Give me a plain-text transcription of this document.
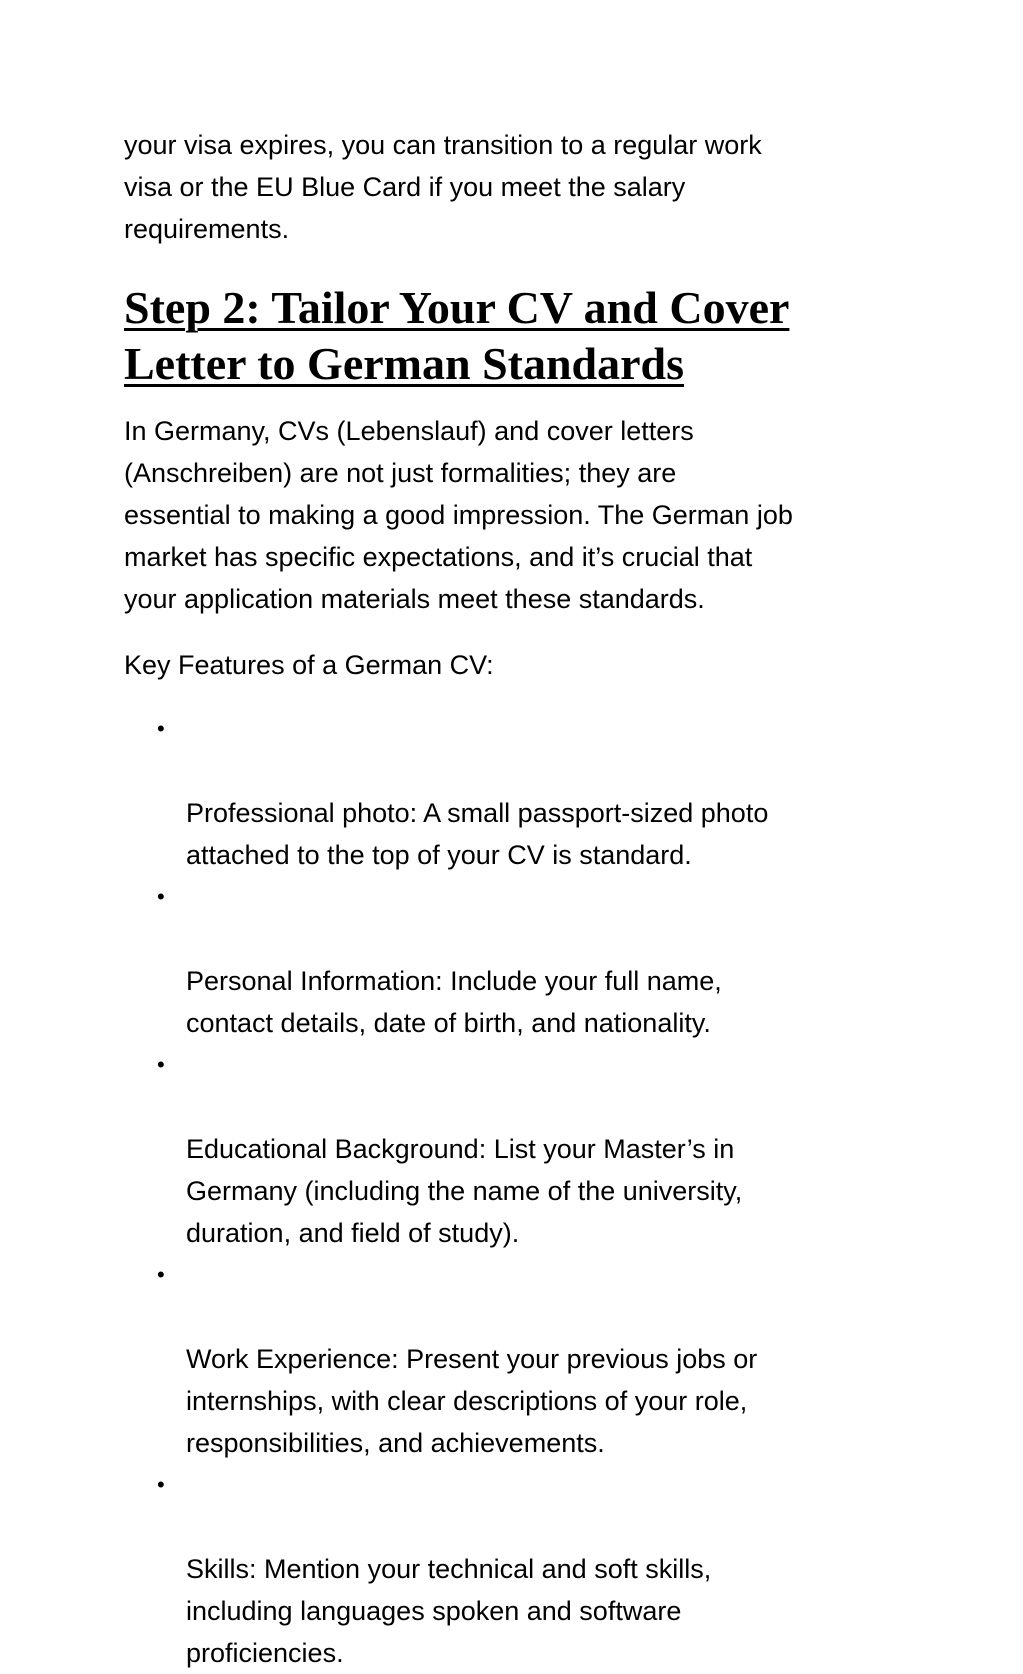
your visa expires, you can transition to a regular work
visa or the EU Blue Card if you meet the salary
requirements.

Step 2: Tailor Your CV and Cover
Letter to German Standards

In Germany, CVs (Lebenslauf) and cover letters
(Anschreiben) are not just formalities; they are
essential to making a good impression. The German job
market has specific expectations, and it’s crucial that
your application materials meet these standards.

Key Features of a German CV:

•

Professional photo: A small passport-sized photo
attached to the top of your CV is standard.

•

Personal Information: Include your full name,
contact details, date of birth, and nationality.

•

Educational Background: List your Master’s in
Germany (including the name of the university,
duration, and field of study).

•

Work Experience: Present your previous jobs or
internships, with clear descriptions of your role,
responsibilities, and achievements.

•

Skills: Mention your technical and soft skills,
including languages spoken and software
proficiencies.
